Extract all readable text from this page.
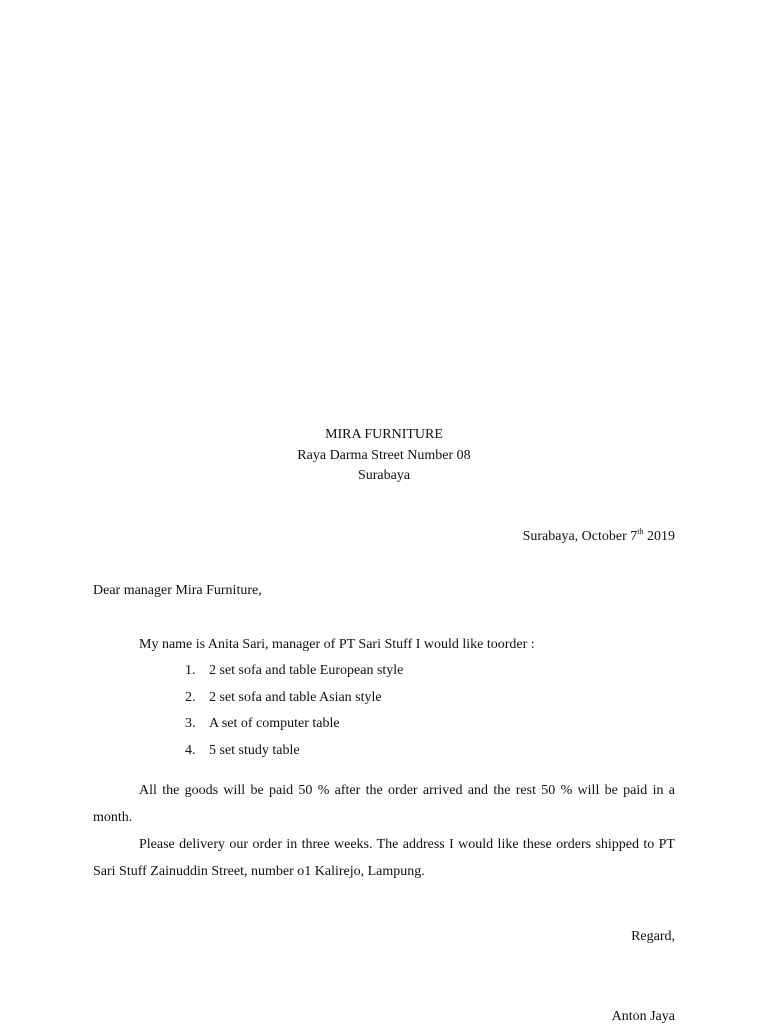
MIRA FURNITURE
Raya Darma Street Number 08
Surabaya
Surabaya, October 7th 2019
Dear manager Mira Furniture,
My name is Anita Sari, manager of PT Sari Stuff I would like toorder :
1. 2 set sofa and table European style
2. 2 set sofa and table Asian style
3. A set of computer table
4. 5 set study table

All the goods will be paid 50 % after the order arrived and the rest 50 % will be paid in a month.

Please delivery our order in three weeks. The address I would like these orders shipped to PT Sari Stuff Zainuddin Street, number o1 Kalirejo, Lampung.

Regard,
Anton Jaya
